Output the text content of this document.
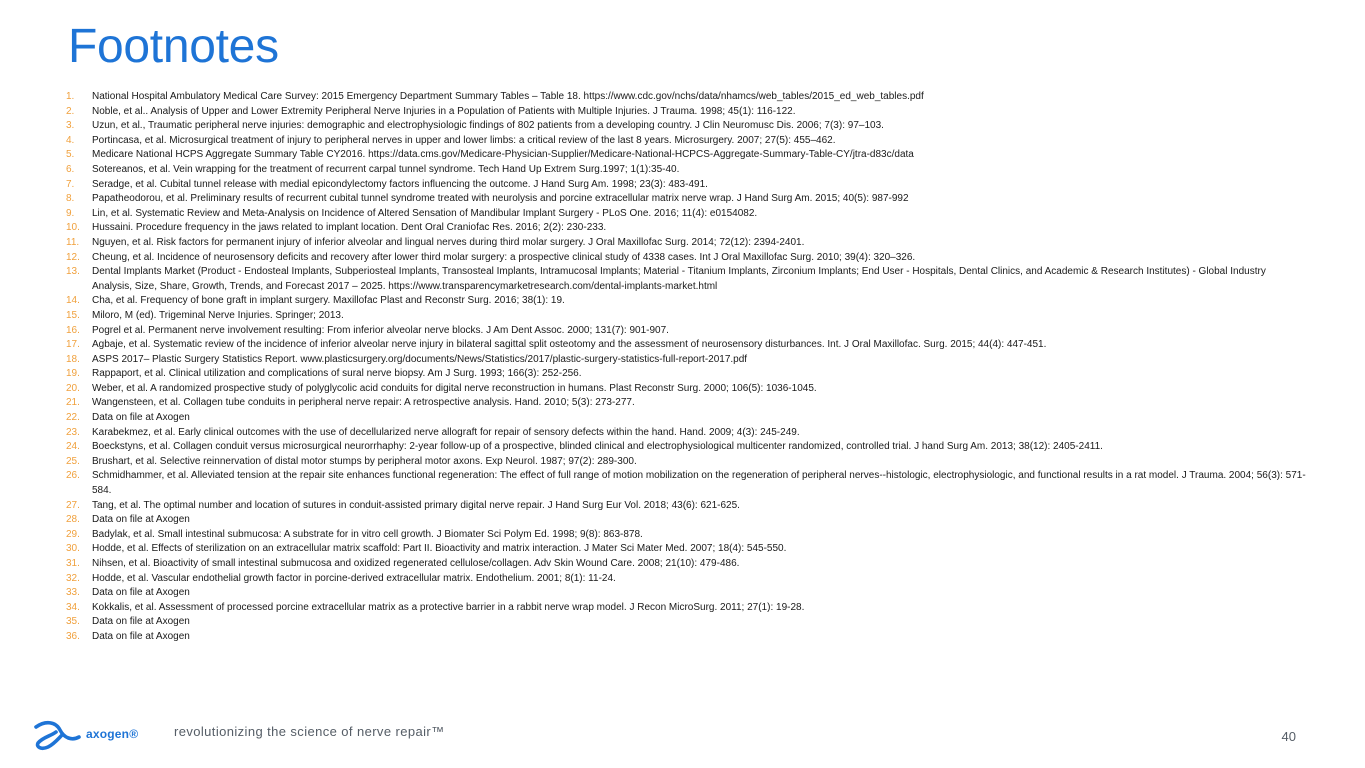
Footnotes
1.	National Hospital Ambulatory Medical Care Survey: 2015 Emergency Department Summary Tables – Table 18. https://www.cdc.gov/nchs/data/nhamcs/web_tables/2015_ed_web_tables.pdf
2.	Noble, et al.. Analysis of Upper and Lower Extremity Peripheral Nerve Injuries in a Population of Patients with Multiple Injuries. J Trauma. 1998; 45(1): 116-122.
3.	Uzun, et al., Traumatic peripheral nerve injuries: demographic and electrophysiologic findings of 802 patients from a developing country. J Clin Neuromusc Dis. 2006; 7(3): 97–103.
4.	Portincasa, et al. Microsurgical treatment of injury to peripheral nerves in upper and lower limbs: a critical review of the last 8 years. Microsurgery. 2007; 27(5): 455–462.
5.	Medicare National HCPS Aggregate Summary Table CY2016. https://data.cms.gov/Medicare-Physician-Supplier/Medicare-National-HCPCS-Aggregate-Summary-Table-CY/jtra-d83c/data
6.	Sotereanos, et al. Vein wrapping for the treatment of recurrent carpal tunnel syndrome. Tech Hand Up Extrem Surg.1997; 1(1):35-40.
7.	Seradge, et al. Cubital tunnel release with medial epicondylectomy factors influencing the outcome. J Hand Surg Am. 1998; 23(3): 483-491.
8.	Papatheodorou, et al. Preliminary results of recurrent cubital tunnel syndrome treated with neurolysis and porcine extracellular matrix nerve wrap. J Hand Surg Am. 2015; 40(5): 987-992
9.	Lin, et al. Systematic Review and Meta-Analysis on Incidence of Altered Sensation of Mandibular Implant Surgery - PLoS One. 2016; 11(4): e0154082.
10.	Hussaini. Procedure frequency in the jaws related to implant location. Dent Oral Craniofac Res. 2016; 2(2): 230-233.
11.	Nguyen, et al. Risk factors for permanent injury of inferior alveolar and lingual nerves during third molar surgery. J Oral Maxillofac Surg. 2014; 72(12): 2394-2401.
12.	Cheung, et al. Incidence of neurosensory deficits and recovery after lower third molar surgery: a prospective clinical study of 4338 cases. Int J Oral Maxillofac Surg. 2010; 39(4): 320–326.
13.	Dental Implants Market (Product - Endosteal Implants, Subperiosteal Implants, Transosteal Implants, Intramucosal Implants; Material - Titanium Implants, Zirconium Implants; End User - Hospitals, Dental Clinics, and Academic & Research Institutes) - Global Industry Analysis, Size, Share, Growth, Trends, and Forecast 2017 – 2025. https://www.transparencymarketresearch.com/dental-implants-market.html
14.	Cha, et al. Frequency of bone graft in implant surgery. Maxillofac Plast and Reconstr Surg. 2016; 38(1): 19.
15.	Miloro, M (ed). Trigeminal Nerve Injuries. Springer; 2013.
16.	Pogrel et al. Permanent nerve involvement resulting: From inferior alveolar nerve blocks. J Am Dent Assoc. 2000; 131(7): 901-907.
17.	Agbaje, et al. Systematic review of the incidence of inferior alveolar nerve injury in bilateral sagittal split osteotomy and the assessment of neurosensory disturbances. Int. J Oral Maxillofac. Surg. 2015; 44(4): 447-451.
18.	ASPS 2017– Plastic Surgery Statistics Report. www.plasticsurgery.org/documents/News/Statistics/2017/plastic-surgery-statistics-full-report-2017.pdf
19.	Rappaport, et al. Clinical utilization and complications of sural nerve biopsy. Am J Surg. 1993; 166(3): 252-256.
20.	Weber, et al. A randomized prospective study of polyglycolic acid conduits for digital nerve reconstruction in humans. Plast Reconstr Surg. 2000; 106(5): 1036-1045.
21.	Wangensteen, et al. Collagen tube conduits in peripheral nerve repair: A retrospective analysis. Hand. 2010; 5(3): 273-277.
22.	Data on file at Axogen
23.	Karabekmez, et al. Early clinical outcomes with the use of decellularized nerve allograft for repair of sensory defects within the hand. Hand. 2009; 4(3): 245-249.
24.	Boeckstyns, et al. Collagen conduit versus microsurgical neurorrhaphy: 2-year follow-up of a prospective, blinded clinical and electrophysiological multicenter randomized, controlled trial. J hand Surg Am. 2013; 38(12): 2405-2411.
25.	Brushart, et al. Selective reinnervation of distal motor stumps by peripheral motor axons. Exp Neurol. 1987; 97(2): 289-300.
26.	Schmidhammer, et al. Alleviated tension at the repair site enhances functional regeneration: The effect of full range of motion mobilization on the regeneration of peripheral nerves--histologic, electrophysiologic, and functional results in a rat model. J Trauma. 2004; 56(3): 571-584.
27.	Tang, et al. The optimal number and location of sutures in conduit-assisted primary digital nerve repair. J Hand Surg Eur Vol. 2018; 43(6): 621-625.
28.	Data on file at Axogen
29.	Badylak, et al. Small intestinal submucosa: A substrate for in vitro cell growth. J Biomater Sci Polym Ed. 1998; 9(8): 863-878.
30.	Hodde, et al. Effects of sterilization on an extracellular matrix scaffold: Part II. Bioactivity and matrix interaction. J Mater Sci Mater Med. 2007; 18(4): 545-550.
31.	Nihsen, et al. Bioactivity of small intestinal submucosa and oxidized regenerated cellulose/collagen. Adv Skin Wound Care. 2008; 21(10): 479-486.
32.	Hodde, et al. Vascular endothelial growth factor in porcine-derived extracellular matrix. Endothelium. 2001; 8(1): 11-24.
33.	Data on file at Axogen
34.	Kokkalis, et al. Assessment of processed porcine extracellular matrix as a protective barrier in a rabbit nerve wrap model. J Recon MicroSurg. 2011; 27(1): 19-28.
35.	Data on file at Axogen
36.	Data on file at Axogen
axogen®	revolutionizing the science of nerve repair™	40
